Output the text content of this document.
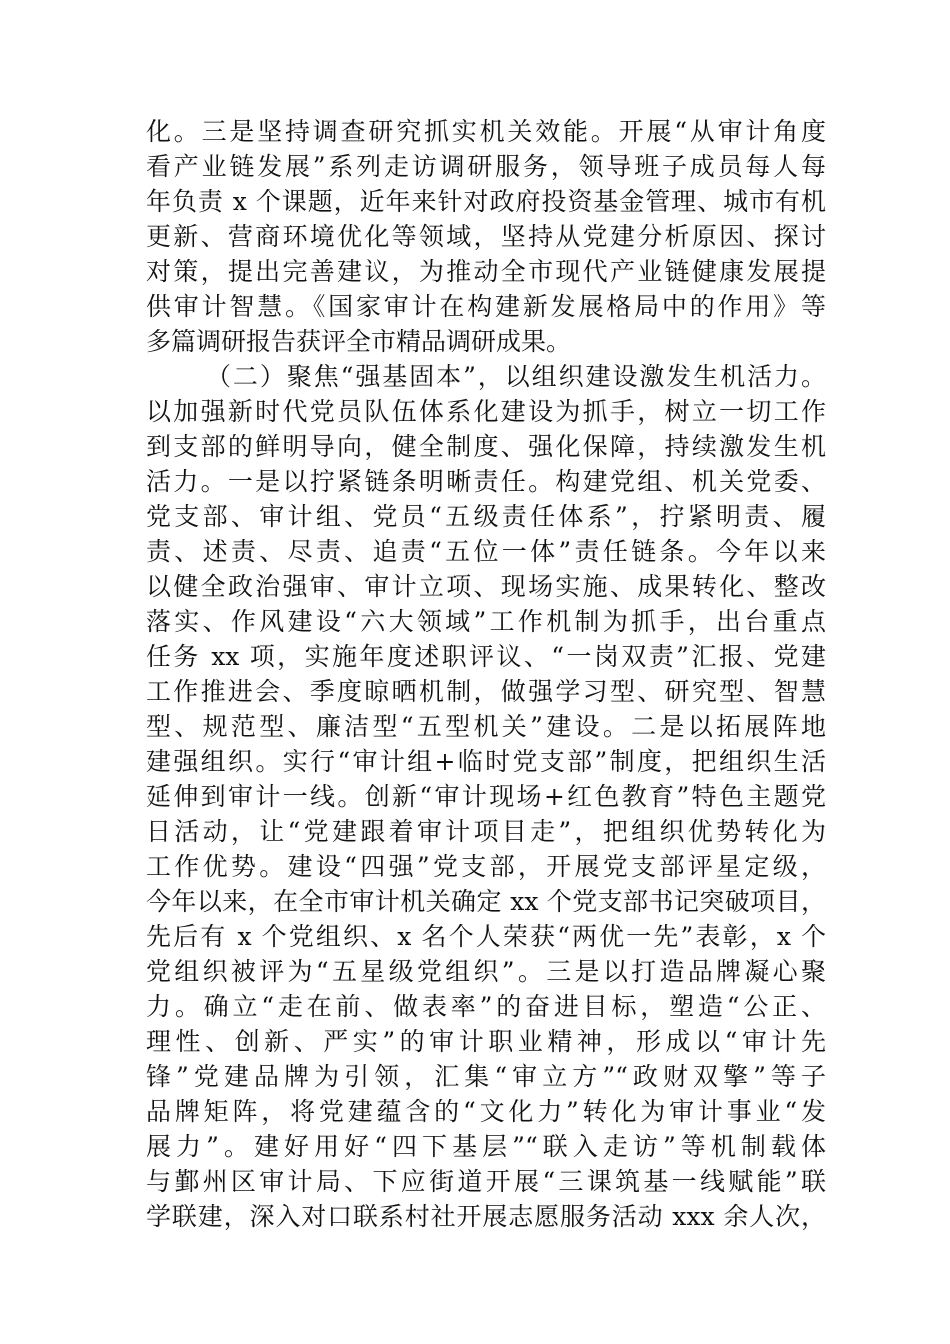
化。三是坚持调查研究抓实机关效能。开展“从审计角度
看产业链发展”系列走访调研服务，领导班子成员每人每
年负责 x 个课题，近年来针对政府投资基金管理、城市有机
更新、营商环境优化等领域，坚持从党建分析原因、探讨
对策，提出完善建议，为推动全市现代产业链健康发展提
供审计智慧。《国家审计在构建新发展格局中的作用》等
多篇调研报告获评全市精品调研成果。
（二）聚焦“强基固本”，以组织建设激发生机活力。
以加强新时代党员队伍体系化建设为抓手，树立一切工作
到支部的鲜明导向，健全制度、强化保障，持续激发生机
活力。一是以拧紧链条明晰责任。构建党组、机关党委、
党支部、审计组、党员“五级责任体系”，拧紧明责、履
责、述责、尽责、追责“五位一体”责任链条。今年以来
以健全政治强审、审计立项、现场实施、成果转化、整改
落实、作风建设“六大领域”工作机制为抓手，出台重点
任务 xx 项，实施年度述职评议、“一岗双责”汇报、党建
工作推进会、季度晾晒机制，做强学习型、研究型、智慧
型、规范型、廉洁型“五型机关”建设。二是以拓展阵地
建强组织。实行“审计组+临时党支部”制度，把组织生活
延伸到审计一线。创新“审计现场+红色教育”特色主题党
日活动，让“党建跟着审计项目走”，把组织优势转化为
工作优势。建设“四强”党支部，开展党支部评星定级，
今年以来，在全市审计机关确定 xx 个党支部书记突破项目，
先后有 x 个党组织、x 名个人荣获“两优一先”表彰，x 个
党组织被评为“五星级党组织”。三是以打造品牌凝心聚
力。确立“走在前、做表率”的奋进目标，塑造“公正、
理性、创新、严实”的审计职业精神，形成以“审计先
锋”党建品牌为引领，汇集“审立方”“政财双擎”等子
品牌矩阵，将党建蕴含的“文化力”转化为审计事业“发
展力”。建好用好“四下基层”“联入走访”等机制载体
与鄞州区审计局、下应街道开展“三课筑基一线赋能”联
学联建，深入对口联系村社开展志愿服务活动 xxx 余人次，
